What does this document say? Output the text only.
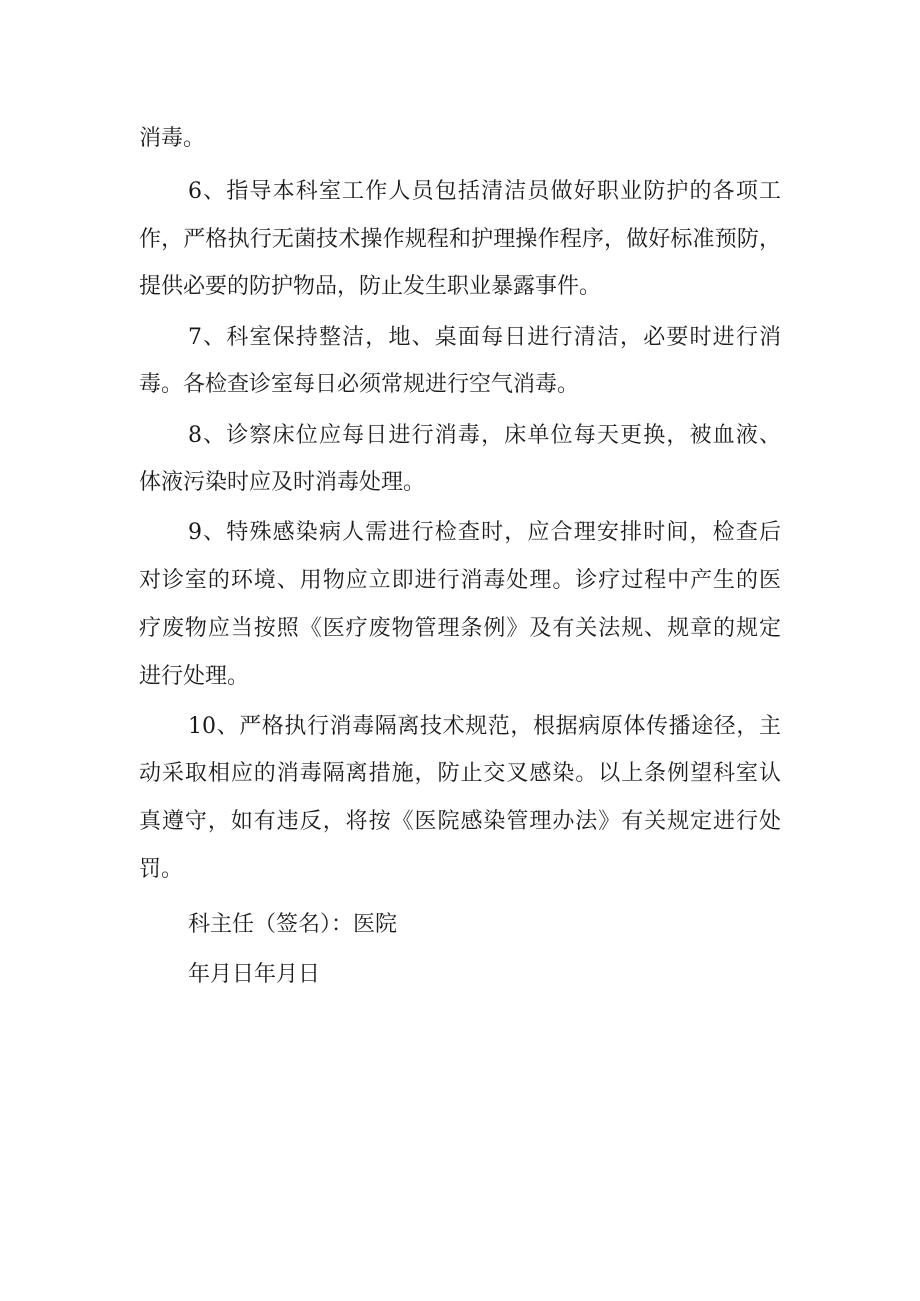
消毒。
6、指导本科室工作人员包括清洁员做好职业防护的各项工
作，严格执行无菌技术操作规程和护理操作程序，做好标准预防，
提供必要的防护物品，防止发生职业暴露事件。
7、科室保持整洁，地、桌面每日进行清洁，必要时进行消
毒。各检查诊室每日必须常规进行空气消毒。
8、诊察床位应每日进行消毒，床单位每天更换，被血液、
体液污染时应及时消毒处理。
9、特殊感染病人需进行检查时，应合理安排时间，检查后
对诊室的环境、用物应立即进行消毒处理。诊疗过程中产生的医
疗废物应当按照《医疗废物管理条例》及有关法规、规章的规定
进行处理。
10、严格执行消毒隔离技术规范，根据病原体传播途径，主
动采取相应的消毒隔离措施，防止交叉感染。以上条例望科室认
真遵守，如有违反，将按《医院感染管理办法》有关规定进行处
罚。
科主任（签名）：医院
年月日年月日
